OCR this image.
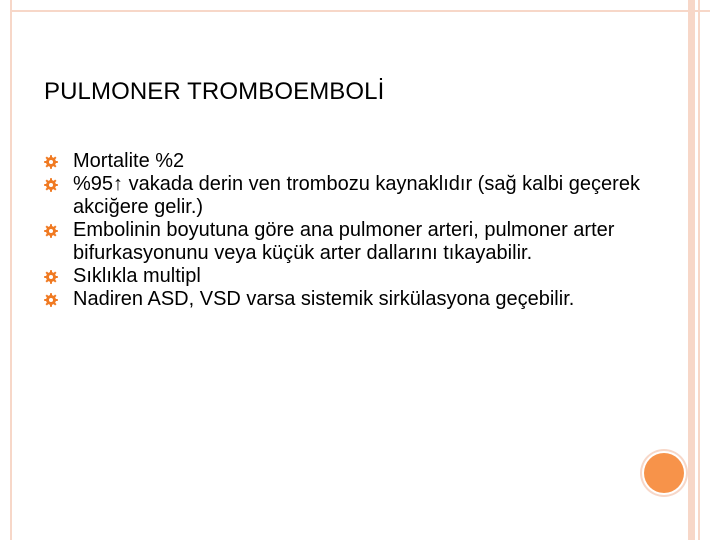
PULMONER TROMBOEMBOLİ
Mortalite %2
%95↑ vakada derin ven trombozu kaynaklıdır (sağ kalbi geçerek akciğere gelir.)
Embolinin boyutuna göre ana pulmoner arteri, pulmoner arter bifurkasyonunu veya küçük arter dallarını tıkayabilir.
Sıklıkla multipl
Nadiren ASD, VSD varsa sistemik sirkülasyona geçebilir.
